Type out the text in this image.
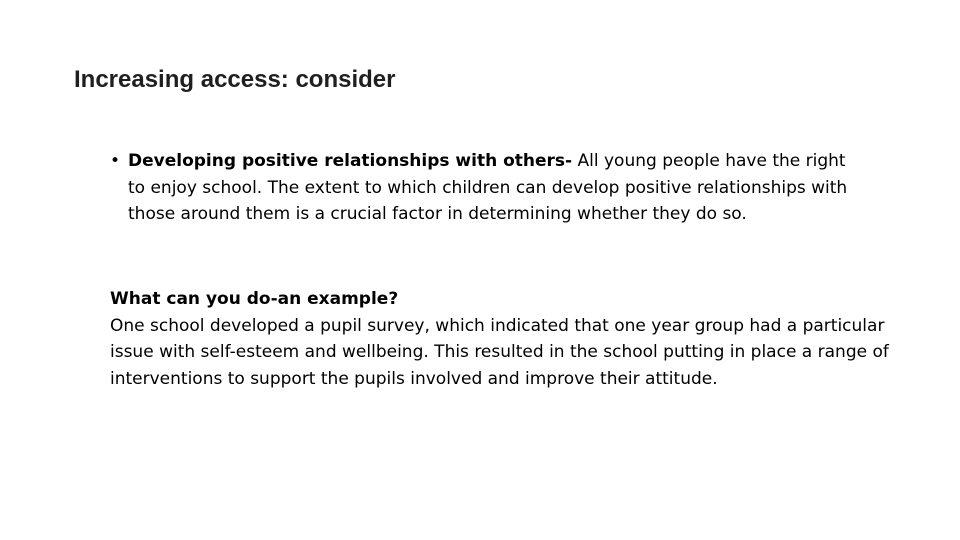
Increasing access: consider
• Developing positive relationships with others- All young people have the right to enjoy school. The extent to which children can develop positive relationships with those around them is a crucial factor in determining whether they do so.
What can you do-an example?
One school developed a pupil survey, which indicated that one year group had a particular issue with self-esteem and wellbeing. This resulted in the school putting in place a range of interventions to support the pupils involved and improve their attitude.
